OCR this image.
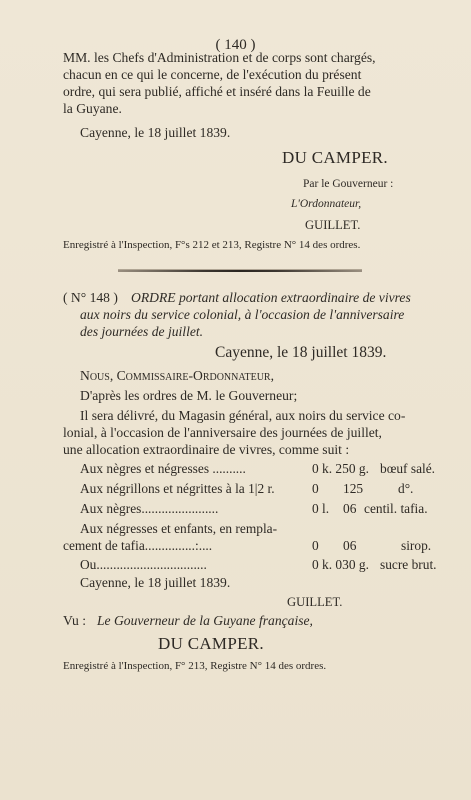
( 140 )
MM. les Chefs d'Administration et de corps sont chargés,
chacun en ce qui le concerne, de l'exécution du présent
ordre, qui sera publié, affiché et inséré dans la Feuille de
la Guyane.
Cayenne, le 18 juillet 1839.
DU CAMPER.
Par le Gouverneur :
L'Ordonnateur,
GUILLET.
Enregistré à l'Inspection, F°s 212 et 213, Registre N° 14 des ordres.
( N° 148 ) ORDRE portant allocation extraordinaire de vivres
aux noirs du service colonial, à l'occasion de l'anniversaire
des journées de juillet.
Cayenne, le 18 juillet 1839.
Nous, Commissaire-Ordonnateur,
D'après les ordres de M. le Gouverneur;
Il sera délivré, du Magasin général, aux noirs du service co-
lonial, à l'occasion de l'anniversaire des journées de juillet,
une allocation extraordinaire de vivres, comme suit :
Aux nègres et négresses ..........	0 k. 250 g. bœuf salé.
Aux négrillons et négrittes à la 1|2 r.	0 125	d°.
Aux nègres.......................	0 l. 06 centil. tafia.
Aux négresses et enfants, en rempla-
cement de tafia...............:....	0 06	sirop.
Ou.................................	0 k. 030 g. sucre brut.
Cayenne, le 18 juillet 1839.
GUILLET.
Vu : Le Gouverneur de la Guyane française,
DU CAMPER.
Enregistré à l'Inspection, F° 213, Registre N° 14 des ordres.
